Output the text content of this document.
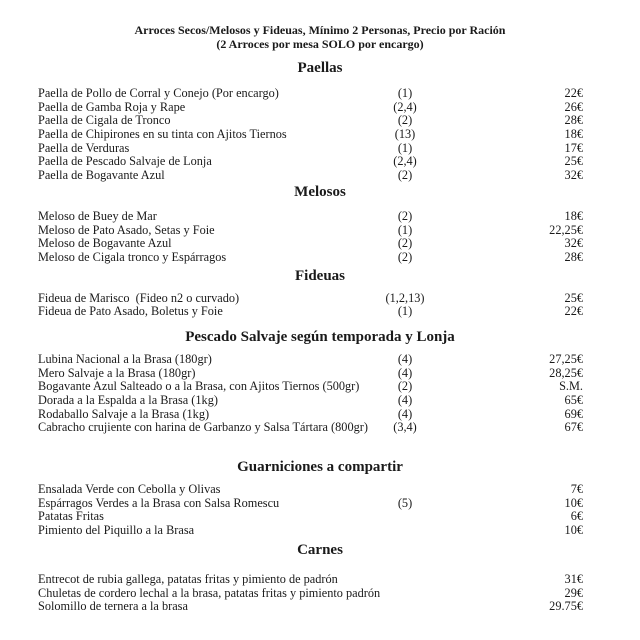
Arroces Secos/Melosos y Fideuas, Mínimo 2 Personas, Precio por Ración
(2 Arroces por mesa SOLO por encargo)
Paellas
Paella de Pollo de Corral y Conejo (Por encargo)	(1)	22€
Paella de Gamba Roja y Rape	(2,4)	26€
Paella de Cigala de Tronco	(2)	28€
Paella de Chipirones en su tinta con Ajitos Tiernos	(13)	18€
Paella de Verduras	(1)	17€
Paella de Pescado Salvaje de Lonja	(2,4)	25€
Paella de Bogavante Azul	(2)	32€
Melosos
Meloso de Buey de Mar	(2)	18€
Meloso de Pato Asado, Setas y Foie	(1)	22,25€
Meloso de Bogavante Azul	(2)	32€
Meloso de Cigala tronco y Espárragos	(2)	28€
Fideuas
Fideua de Marisco  (Fideo n2 o curvado)	(1,2,13)	25€
Fideua de Pato Asado, Boletus y Foie	(1)	22€
Pescado Salvaje según temporada y Lonja
Lubina Nacional a la Brasa (180gr)	(4)	27,25€
Mero Salvaje a la Brasa (180gr)	(4)	28,25€
Bogavante Azul Salteado o a la Brasa, con Ajitos Tiernos (500gr)	(2)	S.M.
Dorada a la Espalda a la Brasa (1kg)	(4)	65€
Rodaballo Salvaje a la Brasa (1kg)	(4)	69€
Cabracho crujiente con harina de Garbanzo y Salsa Tártara (800gr)	(3,4)	67€
Guarniciones a compartir
Ensalada Verde con Cebolla y Olivas	7€
Espárragos Verdes a la Brasa con Salsa Romescu	(5)	10€
Patatas Fritas	6€
Pimiento del Piquillo a la Brasa	10€
Carnes
Entrecot de rubia gallega, patatas fritas y pimiento de padrón	31€
Chuletas de cordero lechal a la brasa, patatas fritas y pimiento padrón	29€
Solomillo de ternera a la brasa	29.75€
